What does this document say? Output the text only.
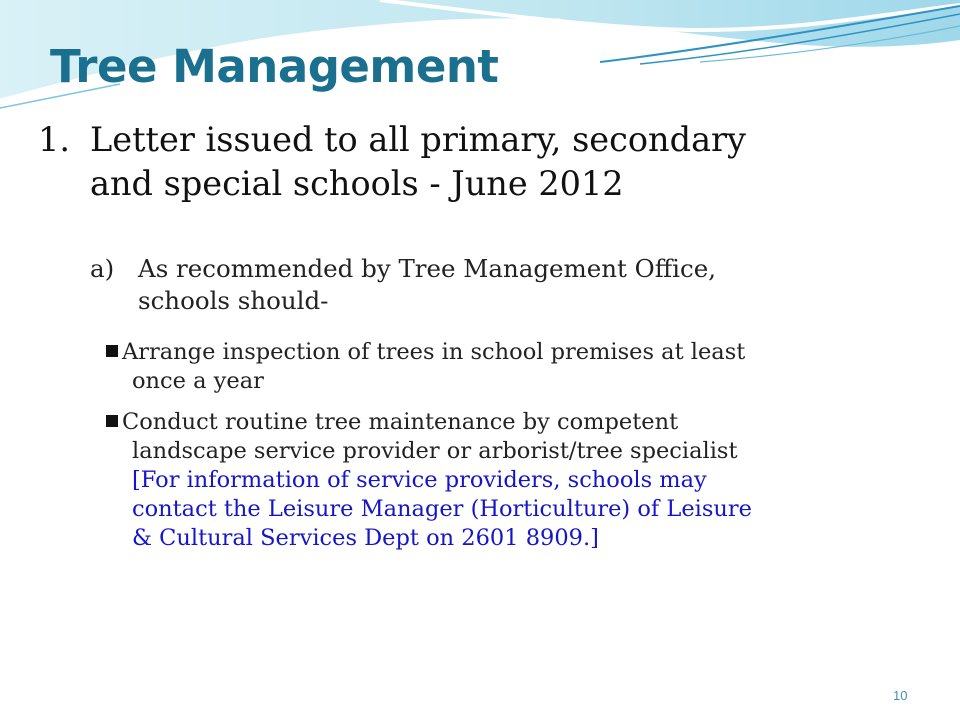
Tree Management
1. Letter issued to all primary, secondary
and special schools - June 2012
a) As recommended by Tree Management Office,
schools should-
Arrange inspection of trees in school premises at least
once a year
Conduct routine tree maintenance by competent
landscape service provider or arborist/tree specialist
[For information of service providers, schools may
contact the Leisure Manager (Horticulture) of Leisure
& Cultural Services Dept on 2601 8909.]
10
